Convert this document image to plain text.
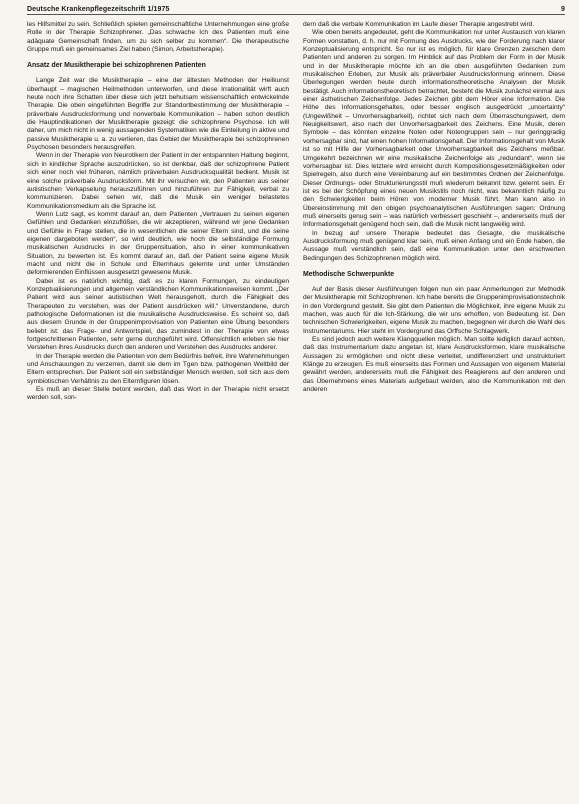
Deutsche Krankenpflegezeitschrift 1/1975	9

les Hilfsmittel zu sein. Schließlich spielen gemeinschaftliche Unternehmungen eine große Rolle in der Therapie Schizophrener. „Das schwache Ich des Patienten muß eine adäquate Gemeinschaft finden, um zu sich selber zu kommen“. Die therapeutische Gruppe muß ein gemeinsames Ziel haben (Simon, Arbeitstherapie).

Ansatz der Musiktherapie bei schizophrenen Patienten

Lange Zeit war die Musiktherapie – eine der ältesten Methoden der Heilkunst überhaupt – magischen Heilmethoden unterworfen, und diese Irrationalität wirft auch heute noch ihre Schatten über diese sich jetzt behutsam wissenschaftlich entwickelnde Therapie. Die oben eingeführten Begriffe zur Standortbestimmung der Musiktherapie – präverbale Ausdrucksformung und nonverbale Kommunikation – haben schon deutlich die Hauptindikationen der Musiktherapie gezeigt: die schizophrene Psychose. Ich will daher, um mich nicht in wenig aussagenden Systematiken wie die Einteilung in aktive und passive Musiktherapie u. a. zu verlieren, das Gebiet der Musiktherapie bei schizophrenen Psychosen besonders herausgreifen.

Wenn in der Therapie von Neurotikern der Patient in der entspannten Haltung beginnt, sich in kindlicher Sprache auszudrücken, so ist denkbar, daß der schizophrene Patient sich einer noch viel früheren, nämlich präverbalen Ausdrucksqualität bedient. Musik ist eine solche präverbale Ausdrucksform. Mit ihr versuchen wir, den Patienten aus seiner autistischen Verkapselung herauszuführen und hinzuführen zur Fähigkeit, verbal zu kommunizieren. Dabei sehen wir, daß die Musik ein weniger belastetes Kommunikationsmedium als die Sprache ist.

Wenn Lutz sagt, es kommt darauf an, dem Patienten „Vertrauen zu seinen eigenen Gefühlen und Gedanken einzuflößen, die wir akzeptieren, während wir jene Gedanken und Gefühle in Frage stellen, die in wesentlichen die seiner Eltern sind, und die seine eigenen dargeboten werden“, so wird deutlich, wie hoch die selbständige Formung musikalischen Ausdrucks in der Gruppensituation, also in einer kommunikativen Situation, zu bewerten ist. Es kommt darauf an, daß der Patient seine eigene Musik macht und nicht die in Schule und Elternhaus gelernte und unter Umständen deformierenden Einflüssen ausgesetzt gewesene Musik.

Dabei ist es natürlich wichtig, daß es zu klaren Formungen, zu eindeutigen Konzeptualisierungen und allgemein verständlichen Kommunikationsweisen kommt. „Der Patient wird aus seiner autistischen Welt herausgeholt, durch die Fähigkeit des Therapeuten zu verstehen, was der Patient ausdrücken will.“ Unverstandene, durch pathologische Deformationen ist die musikalische Ausdrucksweise. Es scheint so, daß aus diesem Grunde in der Gruppenimprovisation von Patienten eine Übung besonders beliebt ist: das Frage- und Antwortspiel, das zumindest in der Therapie von etwas fortgeschrittenen Patienten, sehr gerne durchgeführt wird. Offensichtlich erleben sie hier Verstehen ihres Ausdrucks durch den anderen und Verstehen des Ausdrucks anderer.

In der Therapie werden die Patienten von dem Bedürfnis befreit, ihre Wahrnehmungen und Anschauungen zu verzerren, damit sie dem im Tgen bzw. pathogenen Weltbild der Eltern entsprechen. Der Patient soll ein selbständiger Mensch werden, soll sich aus dem symbiotischen Verhältnis zu den Elternfiguren lösen.

Es muß an dieser Stelle betont werden, daß das Wort in der Therapie nicht ersetzt werden soll, son-

dern daß die verbale Kommunikation im Laufe dieser Therapie angestrebt wird.

Wie oben bereits angedeutet, geht die Kommunikation nur unter Austausch von klaren Formen vonstatten, d. h. nur mit Formung des Ausdrucks, wie der Forderung nach klarer Konzeptualisierung entspricht. So nur ist es möglich, für klare Grenzen zwischen dem Patienten und anderen zu sorgen. Im Hinblick auf das Problem der Form in der Musik und in der Musiktherapie möchte ich an die oben ausgeführten Gedanken zum musikalischen Erleben, zur Musik als präverbaler Ausdrucksformung erinnern. Diese Überlegungen werden heute durch informationstheoretische Analysen der Musik bestätigt. Auch informationstheoretisch betrachtet, besteht die Musik zunächst einmal aus einer ästhetischen Zeichenfolge. Jedes Zeichen gibt dem Hörer eine Information. Die Höhe des Informationsgehaltes, oder besser englisch ausgedrückt „uncertainty“ (Ungewißheit – Unvorhersagbarkeit), richtet sich nach dem Überraschungswert, dem Neuigkeitswert, also nach der Unvorhersagbarkeit des Zeichens. Eine Musik, deren Symbole – das könnten einzelne Noten oder Notengruppen sein – nur geringgradig vorhersagbar sind, hat einen hohen Informationsgehalt. Der Informationsgehalt von Musik ist so mit Hilfe der Vorhersagbarkeit oder Unvorhersagbarkeit des Zeichens meßbar. Umgekehrt bezeichnen wir eine musikalische Zeichenfolge als „redundant“, wenn sie vorhersagbar ist. Dies letztere wird erreicht durch Kompositionsgesetzmäßigkeiten oder Spielregeln, also durch eine Vereinbarung auf ein bestimmtes Ordnen der Zeichenfolge. Dieser Ordnungs- oder Strukturierungsstil muß wiederum bekannt bzw. gelernt sein. Er ist es bei der Schöpfung eines neuen Musikstils noch nicht, was bekanntlich häufig zu den Schwierigkeiten beim Hören von moderner Musik führt. Man kann also in Übereinstimmung mit den obigen psychoanalytischen Ausführungen sagen: Ordnung muß einerseits genug sein – was natürlich verbessert geschieht –, andererseits muß der Informationsgehalt genügend hoch sein, daß die Musik nicht langweilig wird.

In bezug auf unsere Therapie bedeutet das Gesagte, die musikalische Ausdrucksformung muß genügend klar sein, muß einen Anfang und ein Ende haben, die Aussage muß verständlich sein, daß eine Kommunikation unter den erschwerten Bedingungen des Schizophrenen möglich wird.

Methodische Schwerpunkte

Auf der Basis dieser Ausführungen folgen nun ein paar Anmerkungen zur Methodik der Musiktherapie mit Schizophrenen. Ich habe bereits die Gruppenimprovisationstechnik in den Vordergrund gestellt. Sie gibt dem Patienten die Möglichkeit, ihre eigene Musik zu machen, was auch für die Ich-Stärkung, die wir uns erhoffen, von Bedeutung ist. Den technischen Schwierigkeiten, eigene Musik zu machen, begegnen wir durch die Wahl des Instrumentariums. Hier steht im Vordergrund das Orffsche Schlagwerk.

Es sind jedoch auch weitere Klangquellen möglich. Man sollte lediglich darauf achten, daß das Instrumentarium dazu angetan ist, klare Ausdrucksformen, klare musikalische Aussagen zu ermöglichen und nicht diese verleitet, undifferenziert und unstrukturiert Klänge zu erzeugen. Es muß einerseits das Formen und Aussagen von eigenem Material gewährt werden, andererseits muß die Fähigkeit des Reagierens auf den anderen und das Übernehmens eines Materials aufgebaut werden, also die Kommunikation mit den anderen
